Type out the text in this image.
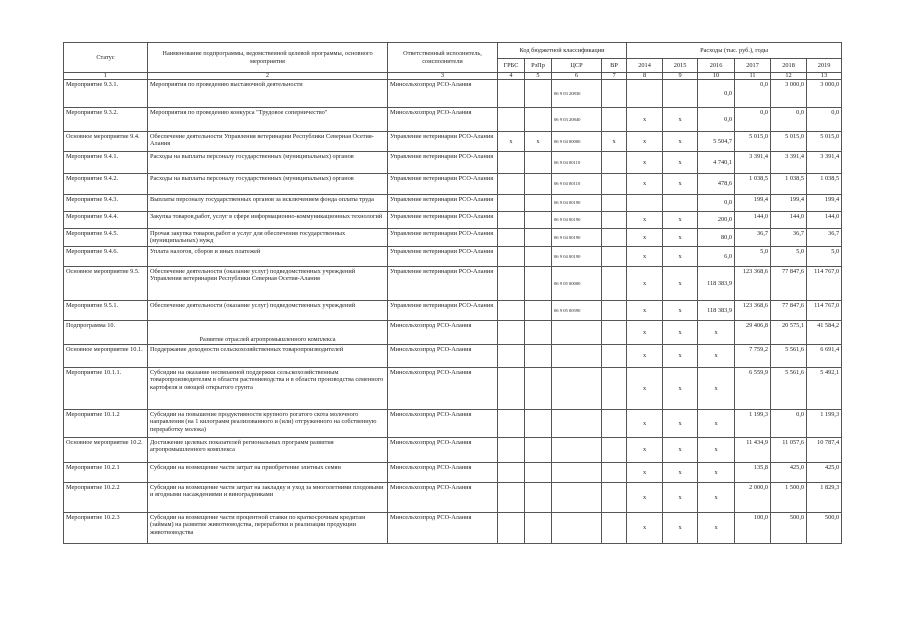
Статус	Наименование подпрограммы, ведомственной целевой программы, основного мероприятия	Ответственный исполнитель, соисполнители	Код бюджетной классификации				Расходы (тыс. руб.), годы					
			ГРБС	РзПр	ЦСР	ВР	2014	2015	2016	2017	2018	2019
1	2	3	4	5	6	7	8	9	10	11	12	13
Мероприятие 9.3.1.	Мероприятия по проведению выставочной деятельности	Минсельхозпрод РСО-Алания			06 9 03 20830				0,0	0,0	3 000,0	3 000,0
Мероприятие 9.3.2.	Мероприятия по проведению конкурса "Трудовое соперничество"	Минсельхозпрод РСО-Алания			06 9 03 20840		х	х	0,0	0,0	0,0	0,0
Основное мероприятие 9.4.	Обеспечение деятельности Управления ветеринарии Республики Северная Осетия-Алания	Управление ветеринарии РСО-Алания	х	х	06 9 04 00000	х	х	х	5 504,7	5 015,0	5 015,0	5 015,0
Мероприятие 9.4.1.	Расходы на выплаты персоналу государственных (муниципальных) органов	Управление ветеринарии РСО-Алания			06 9 04 00110		х	х	4 740,1	3 391,4	3 391,4	3 391,4
Мероприятие 9.4.2.	Расходы на выплаты персоналу государственных (муниципальных) органов	Управление ветеринарии РСО-Алания			06 9 04 00110		х	х	478,6	1 038,5	1 038,5	1 038,5
Мероприятие 9.4.3.	Выплаты персоналу государственных органов за исключением фонда оплаты труда	Управление ветеринарии РСО-Алания			06 9 04 00190				0,0	199,4	199,4	199,4
Мероприятие 9.4.4.	Закупка товаров,работ, услуг в сфере информационно-коммуникационных технологий	Управление ветеринарии РСО-Алания			06 9 04 00190		х	х	200,0	144,0	144,0	144,0
Мероприятие 9.4.5.	Прочая закупка товаров,работ и услуг для обеспечения государственных (муниципальных) нужд	Управление ветеринарии РСО-Алания			06 9 04 00190		х	х	80,0	36,7	36,7	36,7
Мероприятие 9.4.6.	Уплата налогов, сборов и иных платежей	Управление ветеринарии РСО-Алания			06 9 04 00190		х	х	6,0	5,0	5,0	5,0
Основное мероприятие 9.5.	Обеспечение деятельности (оказание услуг) подведомственных учреждений Управления ветеринарии Республики Северная Осетия-Алания	Управление ветеринарии РСО-Алания			06 9 05 00000		х	х	118 383,9	123 368,6	77 847,6	114 767,0
Мероприятие 9.5.1.	Обеспечение деятельности (оказание услуг) подведомственных учреждений	Управление ветеринарии РСО-Алания			06 9 05 00590		х	х	118 383,9	123 368,6	77 847,6	114 767,0
Подпрограмма 10.	Развитие отраслей агропромышленного комплекса	Минсельхозпрод РСО-Алания					х	х	х	29 406,8	20 575,1	41 584,2
Основное мероприятие 10.1.	Поддержание доходности сельскохозяйственных товаропроизводителей	Минсельхозпрод РСО-Алания					х	х	х	7 759,2	5 561,6	6 691,4
Мероприятие 10.1.1.	Субсидии на оказание несвязанной поддержки сельскохозяйственным товаропроизводителям в области растениеводства и в области производства семенного картофеля и овощей открытого грунта	Минсельхозпрод РСО-Алания					х	х	х	6 559,9	5 561,6	5 492,1
Мероприятие 10.1.2	Субсидии на повышение продуктивности крупного рогатого скота молочного направления (на 1 килограмм реализованного и (или) отгруженного на собственную переработку молока)	Минсельхозпрод РСО-Алания					х	х	х	1 199,3	0,0	1 199,3
Основное мероприятие 10.2.	Достижение целевых показателей региональных программ развития агропромышленного комплекса	Минсельхозпрод РСО-Алания					х	х	х	11 434,9	11 057,6	10 787,4
Мероприятие 10.2.1	Субсидии на возмещение части затрат на приобретение элитных семян	Минсельхозпрод РСО-Алания					х	х	х	135,8	425,0	425,0
Мероприятие 10.2.2	Субсидии на возмещение части затрат на закладку и уход за многолетними плодовыми и ягодными насаждениями и виноградниками	Минсельхозпрод РСО-Алания					х	х	х	2 000,0	1 500,0	1 829,3
Мероприятие 10.2.3	Субсидии на возмещение части процентной ставки по краткосрочным кредитам (займам) на развитие животноводства, переработки и реализации продукции животноводства	Минсельхозпрод РСО-Алания					х	х	х	100,0	500,0	500,0
